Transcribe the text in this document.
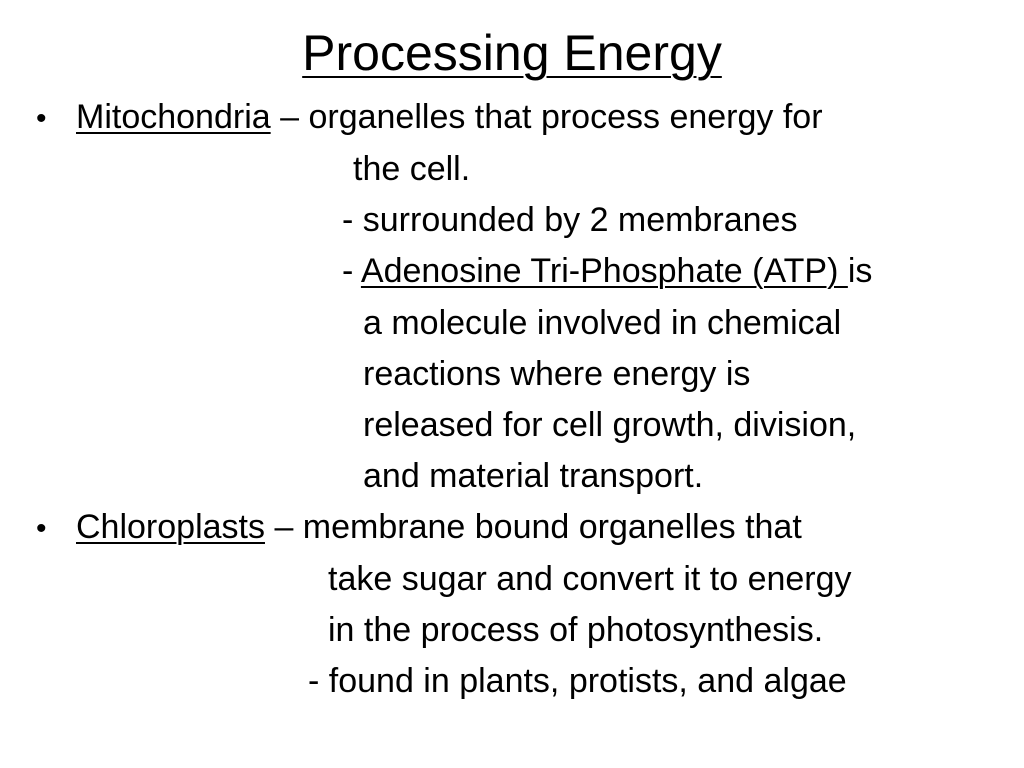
Processing Energy
• Mitochondria – organelles that process energy for
the cell.
- surrounded by 2 membranes
- Adenosine Tri-Phosphate (ATP) is
a molecule involved in chemical
reactions where energy is
released for cell growth, division,
and material transport.
• Chloroplasts – membrane bound organelles that
take sugar and convert it to energy
in the process of photosynthesis.
- found in plants, protists, and algae
